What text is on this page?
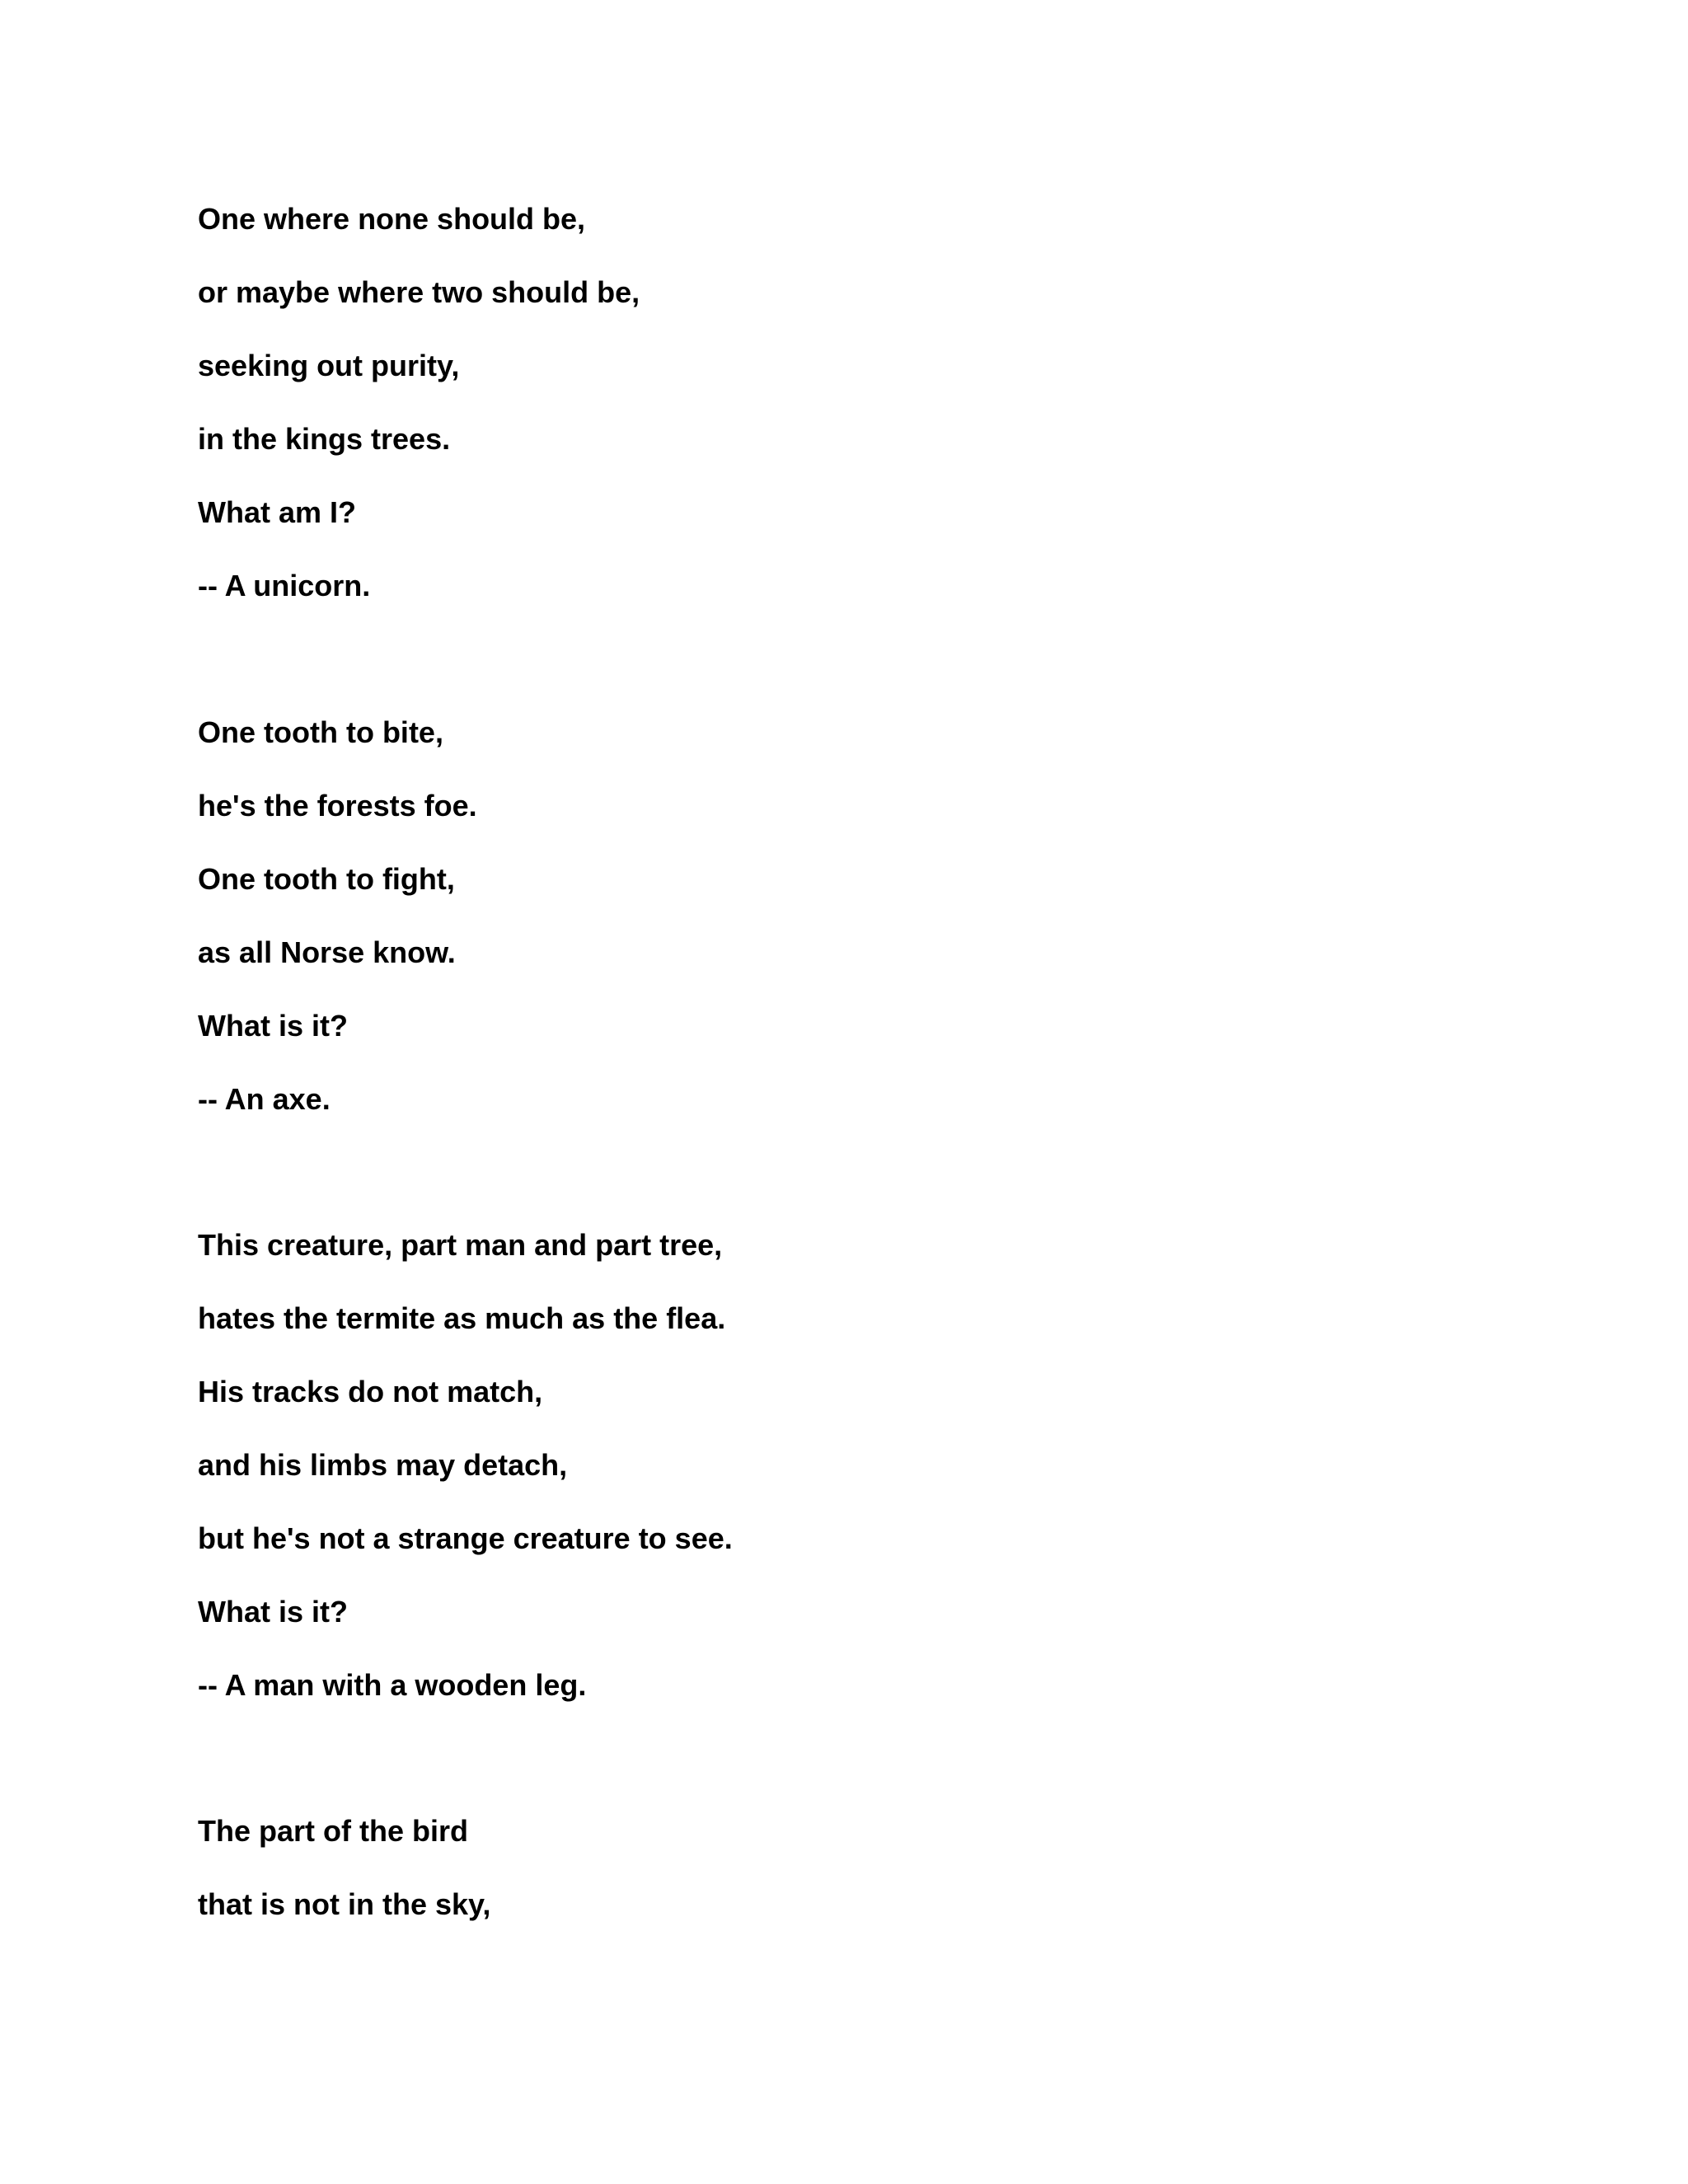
One where none should be,

or maybe where two should be,

seeking out purity,

in the kings trees.

What am I?

-- A unicorn.

One tooth to bite,

he's the forests foe.

One tooth to fight,

as all Norse know.

What is it?

-- An axe.

This creature, part man and part tree,

hates the termite as much as the flea.

His tracks do not match,

and his limbs may detach,

but he's not a strange creature to see.

What is it?

-- A man with a wooden leg.

The part of the bird

that is not in the sky,
